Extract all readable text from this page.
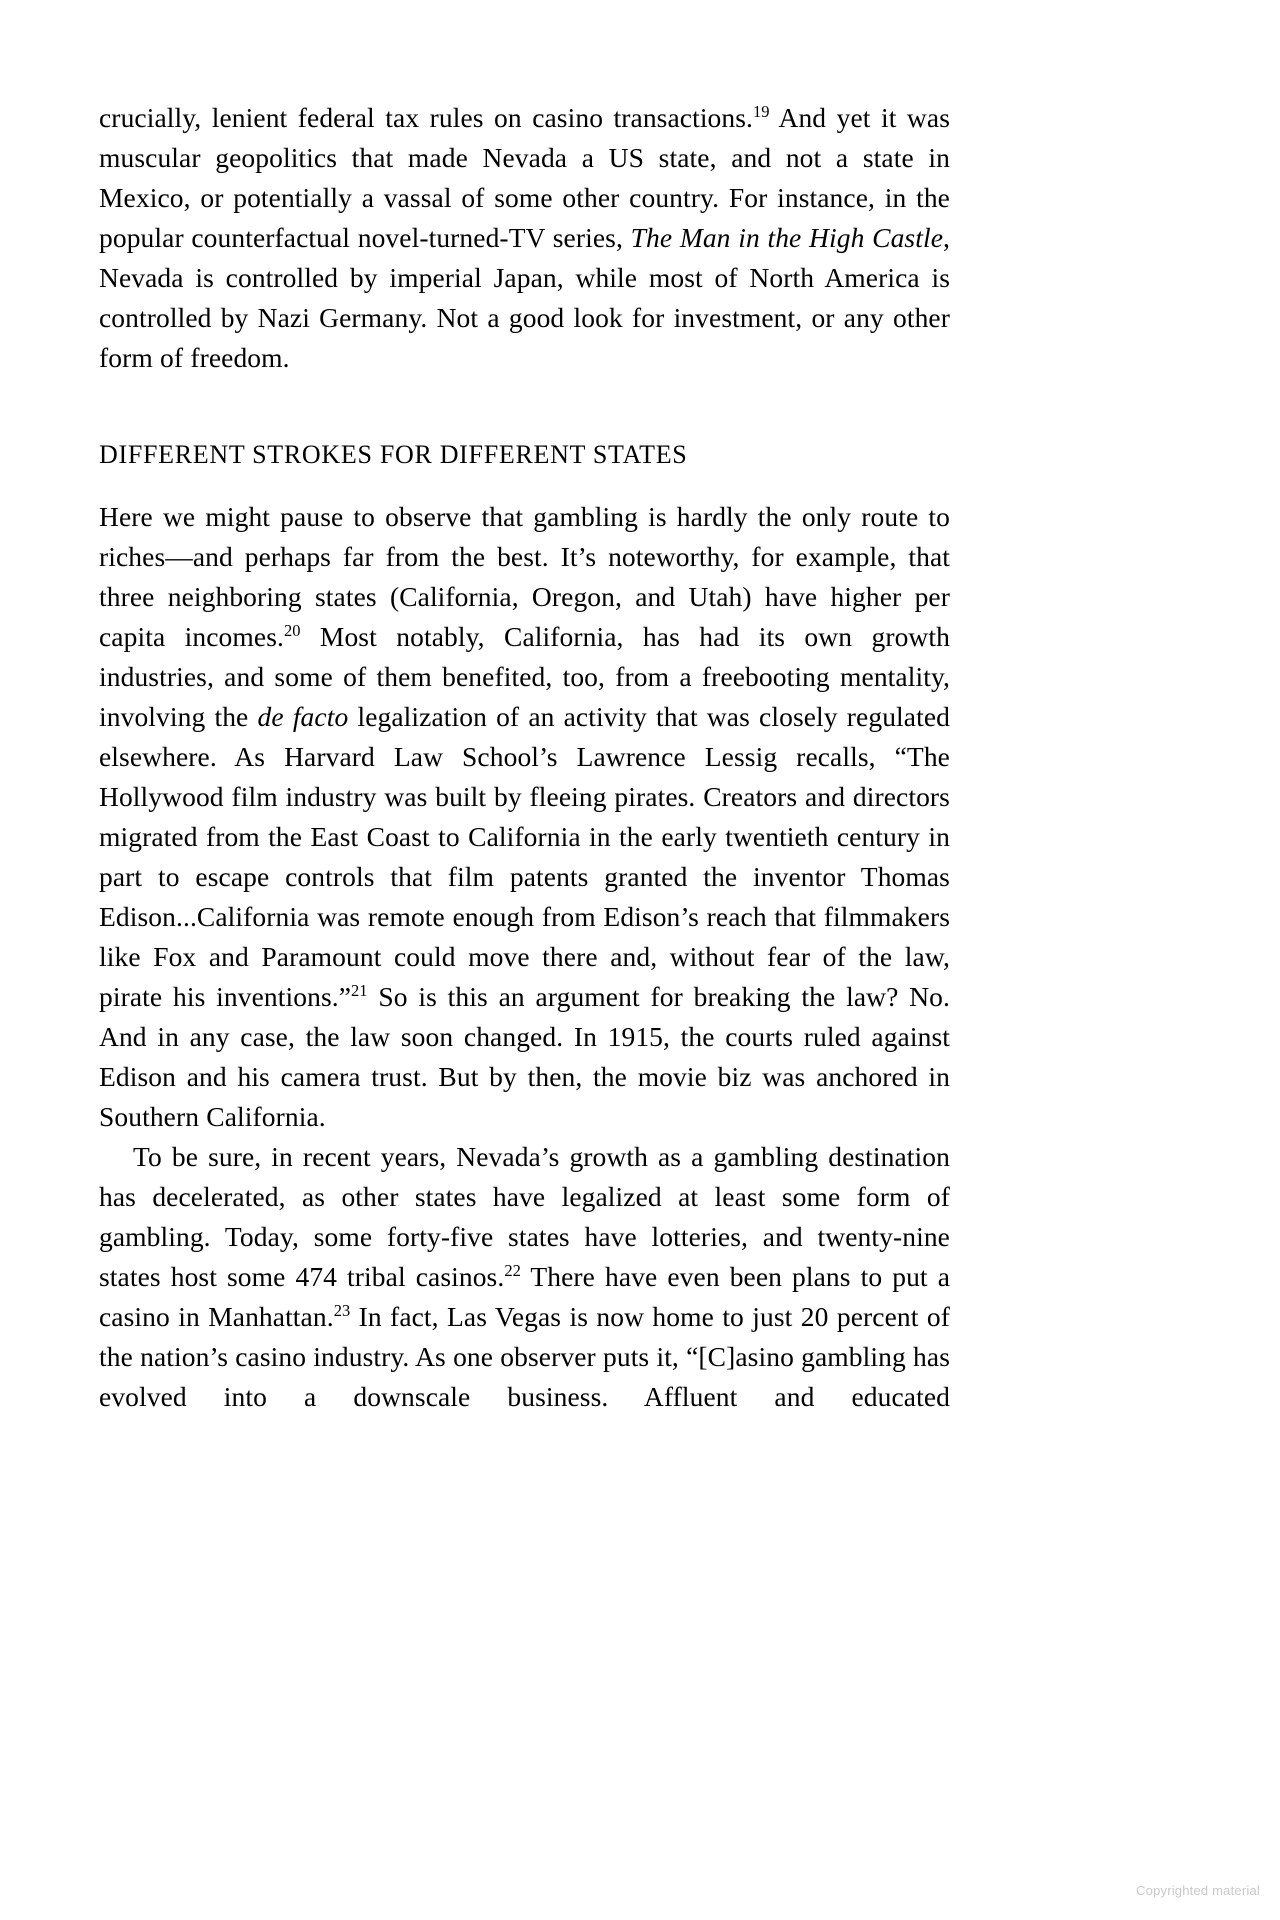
crucially, lenient federal tax rules on casino transactions.$^{19}$ And yet it was muscular geopolitics that made Nevada a US state, and not a state in Mexico, or potentially a vassal of some other country. For instance, in the popular counterfactual novel-turned-TV series, The Man in the High Castle, Nevada is controlled by imperial Japan, while most of North America is controlled by Nazi Germany. Not a good look for investment, or any other form of freedom.

DIFFERENT STROKES FOR DIFFERENT STATES

Here we might pause to observe that gambling is hardly the only route to riches—and perhaps far from the best. It’s noteworthy, for example, that three neighboring states (California, Oregon, and Utah) have higher per capita incomes.$^{20}$ Most notably, California, has had its own growth industries, and some of them benefited, too, from a freebooting mentality, involving the de facto legalization of an activity that was closely regulated elsewhere. As Harvard Law School’s Lawrence Lessig recalls, “The Hollywood film industry was built by fleeing pirates. Creators and directors migrated from the East Coast to California in the early twentieth century in part to escape controls that film patents granted the inventor Thomas Edison...California was remote enough from Edison’s reach that filmmakers like Fox and Paramount could move there and, without fear of the law, pirate his inventions.”$^{21}$ So is this an argument for breaking the law? No. And in any case, the law soon changed. In 1915, the courts ruled against Edison and his camera trust. But by then, the movie biz was anchored in Southern California.

To be sure, in recent years, Nevada’s growth as a gambling destination has decelerated, as other states have legalized at least some form of gambling. Today, some forty-five states have lotteries, and twenty-nine states host some 474 tribal casinos.$^{22}$ There have even been plans to put a casino in Manhattan.$^{23}$ In fact, Las Vegas is now home to just 20 percent of the nation’s casino industry. As one observer puts it, “[C]asino gambling has evolved into a downscale business. Affluent and educated

Copyrighted material
